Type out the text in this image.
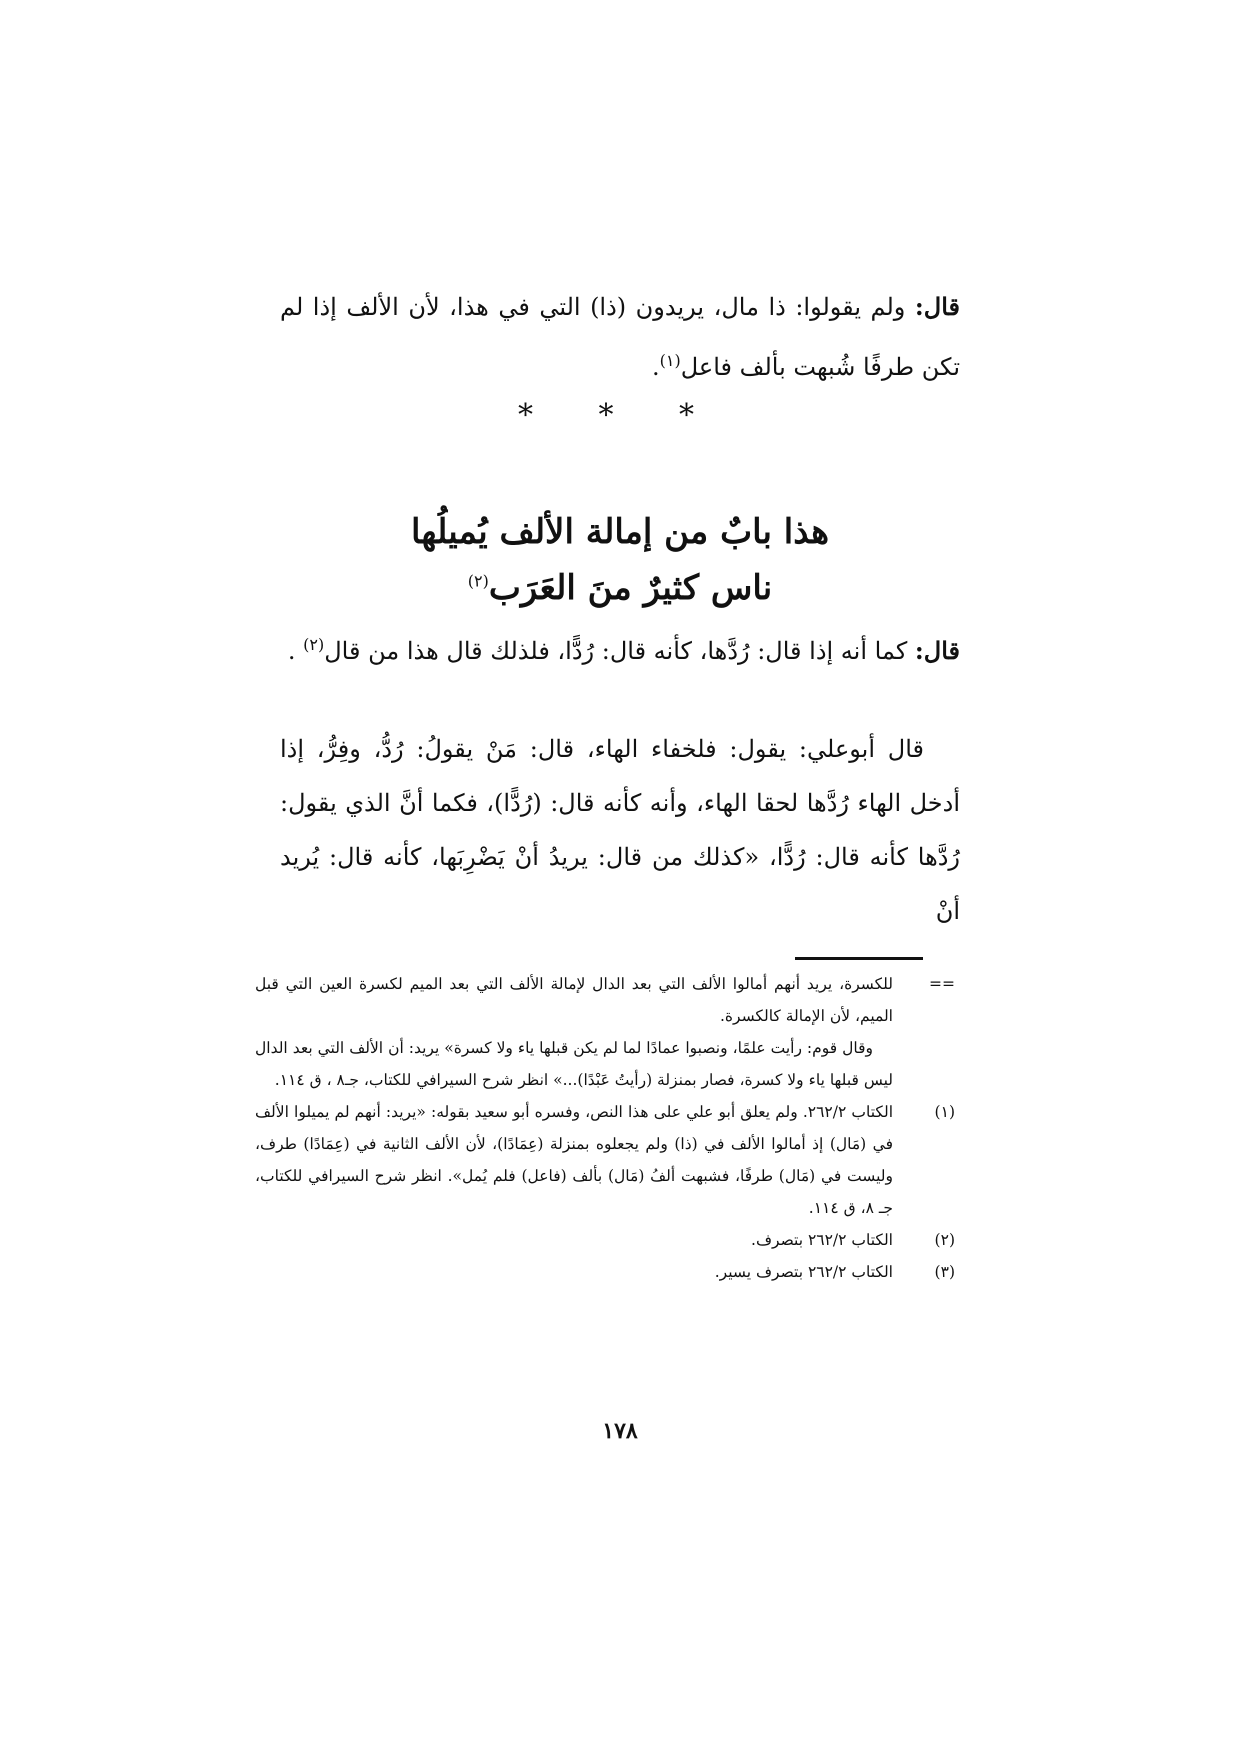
قال: ولم يقولوا: ذا مال، يريدون (ذا) التي في هذا، لأن الألف إذا لم تكن طرفًا شُبهت بألف فاعل$^{(١)}$.

* * *
هذا بابٌ من إمالة الألف يُميلُها
ناس كثيرٌ منَ العَرَب$^{(٢)}$

قال: كما أنه إذا قال: رُدَّها، كأنه قال: رُدًّا، فلذلك قال هذا من قال$^{(٢)}$ .

قال أبوعلي: يقول: فلخفاء الهاء، قال: مَنْ يقولُ: رُدُّ، وفِرُّ، إذا أدخل الهاء رُدَّها لحقا الهاء، وأنه كأنه قال: (رُدًّا)، فكما أنَّ الذي يقول: رُدَّها كأنه قال: رُدًّا، «كذلك من قال: يريدُ أنْ يَضْرِبَها، كأنه قال: يُريد أنْ

==
للكسرة، يريد أنهم أمالوا الألف التي بعد الدال لإمالة الألف التي بعد الميم لكسرة العين التي قبل الميم، لأن الإمالة كالكسرة.

وقال قوم: رأيت علمًا، ونصبوا عمادًا لما لم يكن قبلها ياء ولا كسرة» يريد: أن الألف التي بعد الدال ليس قبلها ياء ولا كسرة، فصار بمنزلة (رأيتُ عَبْدًا)...» انظر شرح السيرافي للكتاب، جـ٨ ، ق ١١٤.

(١)
الكتاب ٢٦٢/٢. ولم يعلق أبو علي على هذا النص، وفسره أبو سعيد بقوله: «يريد: أنهم لم يميلوا الألف في (مَال) إذ أمالوا الألف في (ذا) ولم يجعلوه بمنزلة (عِمَادًا)، لأن الألف الثانية في (عِمَادًا) طرف، وليست في (مَال) طرفًا، فشبهت ألفُ (مَال) بألف (فاعل) فلم يُمل». انظر شرح السيرافي للكتاب، جـ ٨، ق ١١٤.

(٢)
الكتاب ٢٦٢/٢ بتصرف.

(٣)
الكتاب ٢٦٢/٢ بتصرف يسير.

١٧٨
